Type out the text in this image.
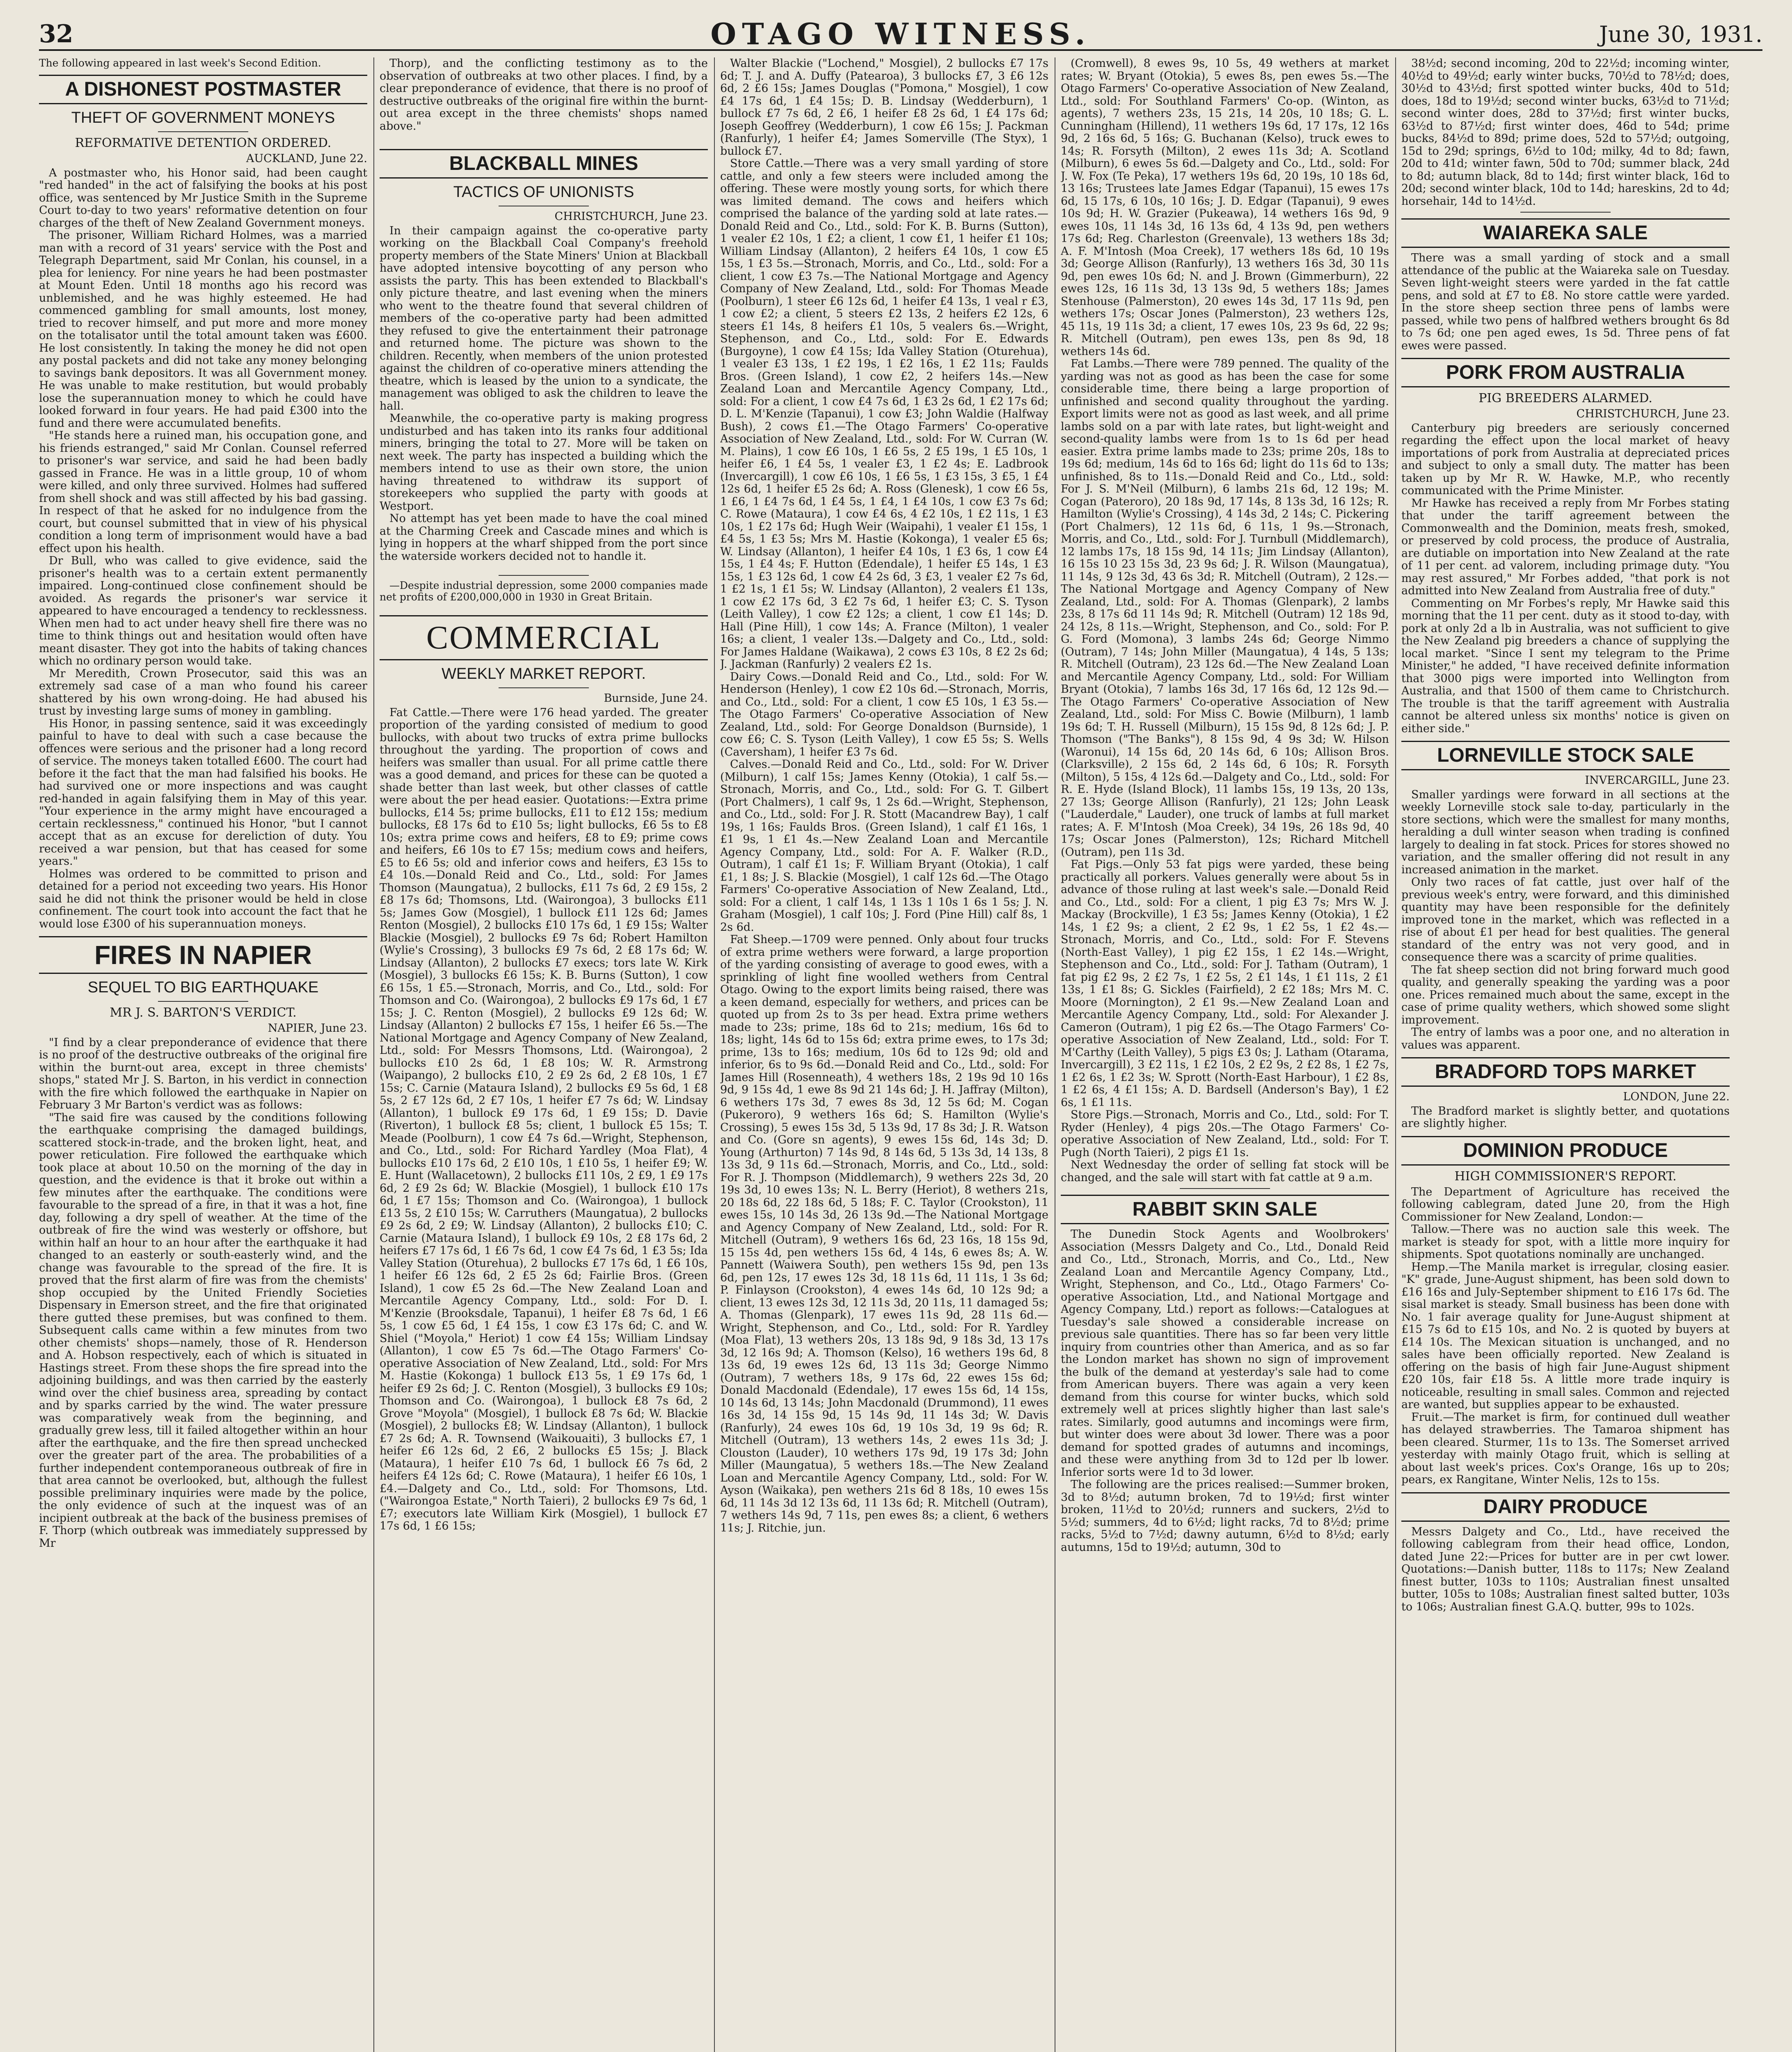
32	OTAGO WITNESS.	June 30, 1931.

The following appeared in last week's Second Edition.

A DISHONEST POSTMASTER
THEFT OF GOVERNMENT MONEYS
REFORMATIVE DETENTION ORDERED.
AUCKLAND, June 22.

A postmaster who, his Honor said, had been caught "red handed" in the act of falsifying the books at his post office, was sentenced by Mr Justice Smith in the Supreme Court to-day to two years' reformative detention on four charges of the theft of New Zealand Government moneys.

The prisoner, William Richard Holmes, was a married man with a record of 31 years' service with the Post and Telegraph Department, said Mr Conlan, his counsel, in a plea for leniency. For nine years he had been postmaster at Mount Eden. Until 18 months ago his record was unblemished, and he was highly esteemed. He had commenced gambling for small amounts, lost money, tried to recover himself, and put more and more money on the totalisator until the total amount taken was £600. He lost consistently. In taking the money he did not open any postal packets and did not take any money belonging to savings bank depositors. It was all Government money. He was unable to make restitution, but would probably lose the superannuation money to which he could have looked forward in four years. He had paid £300 into the fund and there were accumulated benefits.

"He stands here a ruined man, his occupation gone, and his friends estranged," said Mr Conlan. Counsel referred to prisoner's war service, and said he had been badly gassed in France. He was in a little group, 10 of whom were killed, and only three survived. Holmes had suffered from shell shock and was still affected by his bad gassing. In respect of that he asked for no indulgence from the court, but counsel submitted that in view of his physical condition a long term of imprisonment would have a bad effect upon his health.

Dr Bull, who was called to give evidence, said the prisoner's health was to a certain extent permanently impaired. Long-continued close confinement should be avoided. As regards the prisoner's war service it appeared to have encouraged a tendency to recklessness. When men had to act under heavy shell fire there was no time to think things out and hesitation would often have meant disaster. They got into the habits of taking chances which no ordinary person would take.

Mr Meredith, Crown Prosecutor, said this was an extremely sad case of a man who found his career shattered by his own wrong-doing. He had abused his trust by investing large sums of money in gambling.

His Honor, in passing sentence, said it was exceedingly painful to have to deal with such a case because the offences were serious and the prisoner had a long record of service. The moneys taken totalled £600. The court had before it the fact that the man had falsified his books. He had survived one or more inspections and was caught red-handed in again falsifying them in May of this year. "Your experience in the army might have encouraged a certain recklessness," continued his Honor, "but I cannot accept that as an excuse for dereliction of duty. You received a war pension, but that has ceased for some years."

Holmes was ordered to be committed to prison and detained for a period not exceeding two years. His Honor said he did not think the prisoner would be held in close confinement. The court took into account the fact that he would lose £300 of his superannuation moneys.

FIRES IN NAPIER
SEQUEL TO BIG EARTHQUAKE
MR J. S. BARTON'S VERDICT.
NAPIER, June 23.

"I find by a clear preponderance of evidence that there is no proof of the destructive outbreaks of the original fire within the burnt-out area, except in three chemists' shops," stated Mr J. S. Barton, in his verdict in connection with the fire which followed the earthquake in Napier on February 3 Mr Barton's verdict was as follows:

"The said fire was caused by the conditions following the earthquake comprising the damaged buildings, scattered stock-in-trade, and the broken light, heat, and power reticulation. Fire followed the earthquake which took place at about 10.50 on the morning of the day in question, and the evidence is that it broke out within a few minutes after the earthquake. The conditions were favourable to the spread of a fire, in that it was a hot, fine day, following a dry spell of weather. At the time of the outbreak of fire the wind was westerly or offshore, but within half an hour to an hour after the earthquake it had changed to an easterly or south-easterly wind, and the change was favourable to the spread of the fire. It is proved that the first alarm of fire was from the chemists' shop occupied by the United Friendly Societies Dispensary in Emerson street, and the fire that originated there gutted these premises, but was confined to them. Subsequent calls came within a few minutes from two other chemists' shops—namely, those of R. Henderson and A. Hobson respectively, each of which is situated in Hastings street. From these shops the fire spread into the adjoining buildings, and was then carried by the easterly wind over the chief business area, spreading by contact and by sparks carried by the wind. The water pressure was comparatively weak from the beginning, and gradually grew less, till it failed altogether within an hour after the earthquake, and the fire then spread unchecked over the greater part of the area. The probabilities of a further independent contemporaneous outbreak of fire in that area cannot be overlooked, but, although the fullest possible preliminary inquiries were made by the police, the only evidence of such at the inquest was of an incipient outbreak at the back of the business premises of F. Thorp (which outbreak was immediately suppressed by Mr

Thorp), and the conflicting testimony as to the observation of outbreaks at two other places. I find, by a clear preponderance of evidence, that there is no proof of destructive outbreaks of the original fire within the burnt-out area except in the three chemists' shops named above."

BLACKBALL MINES
TACTICS OF UNIONISTS
CHRISTCHURCH, June 23.

In their campaign against the co-operative party working on the Blackball Coal Company's freehold property members of the State Miners' Union at Blackball have adopted intensive boycotting of any person who assists the party. This has been extended to Blackball's only picture theatre, and last evening when the miners who went to the theatre found that several children of members of the co-operative party had been admitted they refused to give the entertainment their patronage and returned home. The picture was shown to the children. Recently, when members of the union protested against the children of co-operative miners attending the theatre, which is leased by the union to a syndicate, the management was obliged to ask the children to leave the hall.

Meanwhile, the co-operative party is making progress undisturbed and has taken into its ranks four additional miners, bringing the total to 27. More will be taken on next week. The party has inspected a building which the members intend to use as their own store, the union having threatened to withdraw its support of storekeepers who supplied the party with goods at Westport.

No attempt has yet been made to have the coal mined at the Charming Creek and Cascade mines and which is lying in hoppers at the wharf shipped from the port since the waterside workers decided not to handle it.

—Despite industrial depression, some 2000 companies made net profits of £200,000,000 in 1930 in Great Britain.

COMMERCIAL
WEEKLY MARKET REPORT.
Burnside, June 24.

Fat Cattle.—There were 176 head yarded. The greater proportion of the yarding consisted of medium to good bullocks, with about two trucks of extra prime bullocks throughout the yarding. The proportion of cows and heifers was smaller than usual. For all prime cattle there was a good demand, and prices for these can be quoted a shade better than last week, but other classes of cattle were about the per head easier. Quotations:—Extra prime bullocks, £14 5s; prime bullocks, £11 to £12 15s; medium bullocks, £8 17s 6d to £10 5s; light bullocks, £6 5s to £8 10s; extra prime cows and heifers, £8 to £9; prime cows and heifers, £6 10s to £7 15s; medium cows and heifers, £5 to £6 5s; old and inferior cows and heifers, £3 15s to £4 10s.—Donald Reid and Co., Ltd., sold: For James Thomson (Maungatua), 2 bullocks, £11 7s 6d, 2 £9 15s, 2 £8 17s 6d; Thomsons, Ltd. (Wairongoa), 3 bullocks £11 5s; James Gow (Mosgiel), 1 bullock £11 12s 6d; James Renton (Mosgiel), 2 bullocks £10 17s 6d, 1 £9 15s; Walter Blackie (Mosgiel), 2 bullocks £9 7s 6d; Robert Hamilton (Wylie's Crossing), 3 bullocks £9 7s 6d, 2 £8 17s 6d; W. Lindsay (Allanton), 2 bullocks £7 execs; tors late W. Kirk (Mosgiel), 3 bullocks £6 15s; K. B. Burns (Sutton), 1 cow £6 15s, 1 £5.—Stronach, Morris, and Co., Ltd., sold: For Thomson and Co. (Wairongoa), 2 bullocks £9 17s 6d, 1 £7 15s; J. C. Renton (Mosgiel), 2 bullocks £9 12s 6d; W. Lindsay (Allanton) 2 bullocks £7 15s, 1 heifer £6 5s.—The National Mortgage and Agency Company of New Zealand, Ltd., sold: For Messrs Thomsons, Ltd. (Wairongoa), 2 bullocks £10 2s 6d, 1 £8 10s; W. R. Armstrong (Waipango), 2 bullocks £10, 2 £9 2s 6d, 2 £8 10s, 1 £7 15s; C. Carnie (Mataura Island), 2 bullocks £9 5s 6d, 1 £8 5s, 2 £7 12s 6d, 2 £7 10s, 1 heifer £7 7s 6d; W. Lindsay (Allanton), 1 bullock £9 17s 6d, 1 £9 15s; D. Davie (Riverton), 1 bullock £8 5s; client, 1 bullock £5 15s; T. Meade (Poolburn), 1 cow £4 7s 6d.—Wright, Stephenson, and Co., Ltd., sold: For Richard Yardley (Moa Flat), 4 bullocks £10 17s 6d, 2 £10 10s, 1 £10 5s, 1 heifer £9; W. E. Hunt (Wallacetown), 2 bullocks £11 10s, 2 £9, 1 £9 17s 6d, 2 £9 2s 6d; W. Blackie (Mosgiel), 1 bullock £10 17s 6d, 1 £7 15s; Thomson and Co. (Wairongoa), 1 bullock £13 5s, 2 £10 15s; W. Carruthers (Maungatua), 2 bullocks £9 2s 6d, 2 £9; W. Lindsay (Allanton), 2 bullocks £10; C. Carnie (Mataura Island), 1 bullock £9 10s, 2 £8 17s 6d, 2 heifers £7 17s 6d, 1 £6 7s 6d, 1 cow £4 7s 6d, 1 £3 5s; Ida Valley Station (Oturehua), 2 bullocks £7 17s 6d, 1 £6 10s, 1 heifer £6 12s 6d, 2 £5 2s 6d; Fairlie Bros. (Green Island), 1 cow £5 2s 6d.—The New Zealand Loan and Mercantile Agency Company, Ltd., sold: For D. I. M'Kenzie (Brooksdale, Tapanui), 1 heifer £8 7s 6d, 1 £6 5s, 1 cow £5 6d, 1 £4 15s, 1 cow £3 17s 6d; C. and W. Shiel ("Moyola," Heriot) 1 cow £4 15s; William Lindsay (Allanton), 1 cow £5 7s 6d.—The Otago Farmers' Co-operative Association of New Zealand, Ltd., sold: For Mrs M. Hastie (Kokonga) 1 bullock £13 5s, 1 £9 17s 6d, 1 heifer £9 2s 6d; J. C. Renton (Mosgiel), 3 bullocks £9 10s; Thomson and Co. (Wairongoa), 1 bullock £8 7s 6d, 2 Grove "Moyola" (Mosgiel), 1 bullock £8 7s 6d; W. Blackie (Mosgiel), 2 bullocks £8; W. Lindsay (Allanton), 1 bullock £7 2s 6d; A. R. Townsend (Waikouaiti), 3 bullocks £7, 1 heifer £6 12s 6d, 2 £6, 2 bullocks £5 15s; J. Black (Mataura), 1 heifer £10 7s 6d, 1 bullock £6 7s 6d, 2 heifers £4 12s 6d; C. Rowe (Mataura), 1 heifer £6 10s, 1 £4.—Dalgety and Co., Ltd., sold: For Thomsons, Ltd. ("Wairongoa Estate," North Taieri), 2 bullocks £9 7s 6d, 1 £7; executors late William Kirk (Mosgiel), 1 bullock £7 17s 6d, 1 £6 15s;

Walter Blackie ("Lochend," Mosgiel), 2 bullocks £7 17s 6d; T. J. and A. Duffy (Patearoa), 3 bullocks £7, 3 £6 12s 6d, 2 £6 15s; James Douglas ("Pomona," Mosgiel), 1 cow £4 17s 6d, 1 £4 15s; D. B. Lindsay (Wedderburn), 1 bullock £7 7s 6d, 2 £6, 1 heifer £8 2s 6d, 1 £4 17s 6d; Joseph Geoffrey (Wedderburn), 1 cow £6 15s; J. Packman (Ranfurly), 1 heifer £4; James Somerville (The Styx), 1 bullock £7.

Store Cattle.—There was a very small yarding of store cattle, and only a few steers were included among the offering. These were mostly young sorts, for which there was limited demand. The cows and heifers which comprised the balance of the yarding sold at late rates.—Donald Reid and Co., Ltd., sold: For K. B. Burns (Sutton), 1 vealer £2 10s, 1 £2; a client, 1 cow £1, 1 heifer £1 10s; William Lindsay (Allanton), 2 heifers £4 10s, 1 cow £5 15s, 1 £3 5s.—Stronach, Morris, and Co., Ltd., sold: For a client, 1 cow £3 7s.—The National Mortgage and Agency Company of New Zealand, Ltd., sold: For Thomas Meade (Poolburn), 1 steer £6 12s 6d, 1 heifer £4 13s, 1 veal r £3, 1 cow £2; a client, 5 steers £2 13s, 2 heifers £2 12s, 6 steers £1 14s, 8 heifers £1 10s, 5 vealers 6s.—Wright, Stephenson, and Co., Ltd., sold: For E. Edwards (Burgoyne), 1 cow £4 15s; Ida Valley Station (Oturehua), 1 vealer £3 13s, 1 £2 19s, 1 £2 16s, 1 £2 11s; Faulds Bros. (Green Island), 1 cow £2, 2 heifers 14s.—New Zealand Loan and Mercantile Agency Company, Ltd., sold: For a client, 1 cow £4 7s 6d, 1 £3 2s 6d, 1 £2 17s 6d; D. L. M'Kenzie (Tapanui), 1 cow £3; John Waldie (Halfway Bush), 2 cows £1.—The Otago Farmers' Co-operative Association of New Zealand, Ltd., sold: For W. Curran (W. M. Plains), 1 cow £6 10s, 1 £6 5s, 2 £5 19s, 1 £5 10s, 1 heifer £6, 1 £4 5s, 1 vealer £3, 1 £2 4s; E. Ladbrook (Invercargill), 1 cow £6 10s, 1 £6 5s, 1 £3 15s, 3 £5, 1 £4 12s 6d, 1 heifer £5 2s 6d; A. Ross (Glenesk), 1 cow £6 5s, 1 £6, 1 £4 7s 6d, 1 £4 5s, 1 £4, 1 £4 10s, 1 cow £3 7s 6d; C. Rowe (Mataura), 1 cow £4 6s, 4 £2 10s, 1 £2 11s, 1 £3 10s, 1 £2 17s 6d; Hugh Weir (Waipahi), 1 vealer £1 15s, 1 £4 5s, 1 £3 5s; Mrs M. Hastie (Kokonga), 1 vealer £5 6s; W. Lindsay (Allanton), 1 heifer £4 10s, 1 £3 6s, 1 cow £4 15s, 1 £4 4s; F. Hutton (Edendale), 1 heifer £5 14s, 1 £3 15s, 1 £3 12s 6d, 1 cow £4 2s 6d, 3 £3, 1 vealer £2 7s 6d, 1 £2 1s, 1 £1 5s; W. Lindsay (Allanton), 2 vealers £1 13s, 1 cow £2 17s 6d, 3 £2 7s 6d, 1 heifer £3; C. S. Tyson (Leith Valley), 1 cow £2 12s; a client, 1 cow £1 14s; D. Hall (Pine Hill), 1 cow 14s; A. France (Milton), 1 vealer 16s; a client, 1 vealer 13s.—Dalgety and Co., Ltd., sold: For James Haldane (Waikawa), 2 cows £3 10s, 8 £2 2s 6d; J. Jackman (Ranfurly) 2 vealers £2 1s.

Dairy Cows.—Donald Reid and Co., Ltd., sold: For W. Henderson (Henley), 1 cow £2 10s 6d.—Stronach, Morris, and Co., Ltd., sold: For a client, 1 cow £5 10s, 1 £3 5s.—The Otago Farmers' Co-operative Association of New Zealand, Ltd., sold: For George Donaldson (Burnside), 1 cow £6; C. S. Tyson (Leith Valley), 1 cow £5 5s; S. Wells (Caversham), 1 heifer £3 7s 6d.

Calves.—Donald Reid and Co., Ltd., sold: For W. Driver (Milburn), 1 calf 15s; James Kenny (Otokia), 1 calf 5s.—Stronach, Morris, and Co., Ltd., sold: For G. T. Gilbert (Port Chalmers), 1 calf 9s, 1 2s 6d.—Wright, Stephenson, and Co., Ltd., sold: For J. R. Stott (Macandrew Bay), 1 calf 19s, 1 16s; Faulds Bros. (Green Island), 1 calf £1 16s, 1 £1 9s, 1 £1 4s.—New Zealand Loan and Mercantile Agency Company, Ltd., sold: For A. F. Walker (R.D., Outram), 1 calf £1 1s; F. William Bryant (Otokia), 1 calf £1, 1 8s; J. S. Blackie (Mosgiel), 1 calf 12s 6d.—The Otago Farmers' Co-operative Association of New Zealand, Ltd., sold: For a client, 1 calf 14s, 1 13s 1 10s 1 6s 1 5s; J. N. Graham (Mosgiel), 1 calf 10s; J. Ford (Pine Hill) calf 8s, 1 2s 6d.

Fat Sheep.—1709 were penned. Only about four trucks of extra prime wethers were forward, a large proportion of the yarding consisting of average to good ewes, with a sprinkling of light fine woolled wethers from Central Otago. Owing to the export limits being raised, there was a keen demand, especially for wethers, and prices can be quoted up from 2s to 3s per head. Extra prime wethers made to 23s; prime, 18s 6d to 21s; medium, 16s 6d to 18s; light, 14s 6d to 15s 6d; extra prime ewes, to 17s 3d; prime, 13s to 16s; medium, 10s 6d to 12s 9d; old and inferior, 6s to 9s 6d.—Donald Reid and Co., Ltd., sold: For James Hill (Rosenneath), 4 wethers 18s, 2 19s 9d 10 16s 9d, 9 15s 4d, 1 ewe 8s 9d 21 14s 6d; J. H. Jaffray (Milton), 6 wethers 17s 3d, 7 ewes 8s 3d, 12 5s 6d; M. Cogan (Pukeroro), 9 wethers 16s 6d; S. Hamilton (Wylie's Crossing), 5 ewes 15s 3d, 5 13s 9d, 17 8s 3d; J. R. Watson and Co. (Gore sn agents), 9 ewes 15s 6d, 14s 3d; D. Young (Arthurton) 7 14s 9d, 8 14s 6d, 5 13s 3d, 14 13s, 8 13s 3d, 9 11s 6d.—Stronach, Morris, and Co., Ltd., sold: For R. J. Thompson (Middlemarch), 9 wethers 22s 3d, 20 19s 3d, 10 ewes 13s; N. L. Berry (Heriot), 8 wethers 21s, 20 18s 6d, 22 18s 6d, 5 18s; F. C. Taylor (Crookston), 11 ewes 15s, 10 14s 3d, 26 13s 9d.—The National Mortgage and Agency Company of New Zealand, Ltd., sold: For R. Mitchell (Outram), 9 wethers 16s 6d, 23 16s, 18 15s 9d, 15 15s 4d, pen wethers 15s 6d, 4 14s, 6 ewes 8s; A. W. Pannett (Waiwera South), pen wethers 15s 9d, pen 13s 6d, pen 12s, 17 ewes 12s 3d, 18 11s 6d, 11 11s, 1 3s 6d; P. Finlayson (Crookston), 4 ewes 14s 6d, 10 12s 9d; a client, 13 ewes 12s 3d, 12 11s 3d, 20 11s, 11 damaged 5s; A. Thomas (Glenpark), 17 ewes 11s 9d, 28 11s 6d.—Wright, Stephenson, and Co., Ltd., sold: For R. Yardley (Moa Flat), 13 wethers 20s, 13 18s 9d, 9 18s 3d, 13 17s 3d, 12 16s 9d; A. Thomson (Kelso), 16 wethers 19s 6d, 8 13s 6d, 19 ewes 12s 6d, 13 11s 3d; George Nimmo (Outram), 7 wethers 18s, 9 17s 6d, 22 ewes 15s 6d; Donald Macdonald (Edendale), 17 ewes 15s 6d, 14 15s, 10 14s 6d, 13 14s; John Macdonald (Drummond), 11 ewes 16s 3d, 14 15s 9d, 15 14s 9d, 11 14s 3d; W. Davis (Ranfurly), 24 ewes 10s 6d, 19 10s 3d, 19 9s 6d; R. Mitchell (Outram), 13 wethers 14s, 2 ewes 11s 3d; J. Clouston (Lauder), 10 wethers 17s 9d, 19 17s 3d; John Miller (Maungatua), 5 wethers 18s.—The New Zealand Loan and Mercantile Agency Company, Ltd., sold: For W. Ayson (Waikaka), pen wethers 21s 6d 8 18s, 10 ewes 15s 6d, 11 14s 3d 12 13s 6d, 11 13s 6d; R. Mitchell (Outram), 7 wethers 14s 9d, 7 11s, pen ewes 8s; a client, 6 wethers 11s; J. Ritchie, jun.

(Cromwell), 8 ewes 9s, 10 5s, 49 wethers at market rates; W. Bryant (Otokia), 5 ewes 8s, pen ewes 5s.—The Otago Farmers' Co-operative Association of New Zealand, Ltd., sold: For Southland Farmers' Co-op. (Winton, as agents), 7 wethers 23s, 15 21s, 14 20s, 10 18s; G. L. Cunningham (Hillend), 11 wethers 19s 6d, 17 17s, 12 16s 9d, 2 16s 6d, 5 16s; G. Buchanan (Kelso), truck ewes to 14s; R. Forsyth (Milton), 2 ewes 11s 3d; A. Scotland (Milburn), 6 ewes 5s 6d.—Dalgety and Co., Ltd., sold: For J. W. Fox (Te Peka), 17 wethers 19s 6d, 20 19s, 10 18s 6d, 13 16s; Trustees late James Edgar (Tapanui), 15 ewes 17s 6d, 15 17s, 6 10s, 10 16s; J. D. Edgar (Tapanui), 9 ewes 10s 9d; H. W. Grazier (Pukeawa), 14 wethers 16s 9d, 9 ewes 10s, 11 14s 3d, 16 13s 6d, 4 13s 9d, pen wethers 17s 6d; Reg. Charleston (Greenvale), 13 wethers 18s 3d; A. F. M'Intosh (Moa Creek), 17 wethers 18s 6d, 10 19s 3d; George Allison (Ranfurly), 13 wethers 16s 3d, 30 11s 9d, pen ewes 10s 6d; N. and J. Brown (Gimmerburn), 22 ewes 12s, 16 11s 3d, 13 13s 9d, 5 wethers 18s; James Stenhouse (Palmerston), 20 ewes 14s 3d, 17 11s 9d, pen wethers 17s; Oscar Jones (Palmerston), 23 wethers 12s, 45 11s, 19 11s 3d; a client, 17 ewes 10s, 23 9s 6d, 22 9s; R. Mitchell (Outram), pen ewes 13s, pen 8s 9d, 18 wethers 14s 6d.

Fat Lambs.—There were 789 penned. The quality of the yarding was not as good as has been the case for some considerable time, there being a large proportion of unfinished and second quality throughout the yarding. Export limits were not as good as last week, and all prime lambs sold on a par with late rates, but light-weight and second-quality lambs were from 1s to 1s 6d per head easier. Extra prime lambs made to 23s; prime 20s, 18s to 19s 6d; medium, 14s 6d to 16s 6d; light do 11s 6d to 13s; unfinished, 8s to 11s.—Donald Reid and Co., Ltd., sold: For J. S. M'Neil (Milburn), 6 lambs 21s 6d, 12 19s; M. Cogan (Pateroro), 20 18s 9d, 17 14s, 8 13s 3d, 16 12s; R. Hamilton (Wylie's Crossing), 4 14s 3d, 2 14s; C. Pickering (Port Chalmers), 12 11s 6d, 6 11s, 1 9s.—Stronach, Morris, and Co., Ltd., sold: For J. Turnbull (Middlemarch), 12 lambs 17s, 18 15s 9d, 14 11s; Jim Lindsay (Allanton), 16 15s 10 23 15s 3d, 23 9s 6d; J. R. Wilson (Maungatua), 11 14s, 9 12s 3d, 43 6s 3d; R. Mitchell (Outram), 2 12s.—The National Mortgage and Agency Company of New Zealand, Ltd., sold: For A. Thomas (Glenpark), 2 lambs 23s, 8 17s 6d 11 14s 9d; R. Mitchell (Outram) 12 18s 9d, 24 12s, 8 11s.—Wright, Stephenson, and Co., sold: For P. G. Ford (Momona), 3 lambs 24s 6d; George Nimmo (Outram), 7 14s; John Miller (Maungatua), 4 14s, 5 13s; R. Mitchell (Outram), 23 12s 6d.—The New Zealand Loan and Mercantile Agency Company, Ltd., sold: For William Bryant (Otokia), 7 lambs 16s 3d, 17 16s 6d, 12 12s 9d.—The Otago Farmers' Co-operative Association of New Zealand, Ltd., sold: For Miss C. Bowie (Milburn), 1 lamb 19s 6d; T. H. Russell (Milburn), 15 15s 9d, 8 12s 6d; J. P. Thomson ("The Banks"), 8 15s 9d, 4 9s 3d; W. Hilson (Waronui), 14 15s 6d, 20 14s 6d, 6 10s; Allison Bros. (Clarksville), 2 15s 6d, 2 14s 6d, 6 10s; R. Forsyth (Milton), 5 15s, 4 12s 6d.—Dalgety and Co., Ltd., sold: For R. E. Hyde (Island Block), 11 lambs 15s, 19 13s, 20 13s, 27 13s; George Allison (Ranfurly), 21 12s; John Leask ("Lauderdale," Lauder), one truck of lambs at full market rates; A. F. M'Intosh (Moa Creek), 34 19s, 26 18s 9d, 40 17s; Oscar Jones (Palmerston), 12s; Richard Mitchell (Outram), pen 11s 3d.

Fat Pigs.—Only 53 fat pigs were yarded, these being practically all porkers. Values generally were about 5s in advance of those ruling at last week's sale.—Donald Reid and Co., Ltd., sold: For a client, 1 pig £3 7s; Mrs W. J. Mackay (Brockville), 1 £3 5s; James Kenny (Otokia), 1 £2 14s, 1 £2 9s; a client, 2 £2 9s, 1 £2 5s, 1 £2 4s.—Stronach, Morris, and Co., Ltd., sold: For F. Stevens (North-East Valley), 1 pig £2 15s, 1 £2 14s.—Wright, Stephenson and Co., Ltd., sold: For J. Tatham (Outram), 1 fat pig £2 9s, 2 £2 7s, 1 £2 5s, 2 £1 14s, 1 £1 11s, 2 £1 13s, 1 £1 8s; G. Sickles (Fairfield), 2 £2 18s; Mrs M. C. Moore (Mornington), 2 £1 9s.—New Zealand Loan and Mercantile Agency Company, Ltd., sold: For Alexander J. Cameron (Outram), 1 pig £2 6s.—The Otago Farmers' Co-operative Association of New Zealand, Ltd., sold: For T. M'Carthy (Leith Valley), 5 pigs £3 0s; J. Latham (Otarama, Invercargill), 3 £2 11s, 1 £2 10s, 2 £2 9s, 2 £2 8s, 1 £2 7s, 1 £2 6s, 1 £2 3s; W. Sprott (North-East Harbour), 1 £2 8s, 1 £2 6s, 4 £1 15s; A. D. Bardsell (Anderson's Bay), 1 £2 6s, 1 £1 11s.

Store Pigs.—Stronach, Morris and Co., Ltd., sold: For T. Ryder (Henley), 4 pigs 20s.—The Otago Farmers' Co-operative Association of New Zealand, Ltd., sold: For T. Pugh (North Taieri), 2 pigs £1 1s.

Next Wednesday the order of selling fat stock will be changed, and the sale will start with fat cattle at 9 a.m.

RABBIT SKIN SALE

The Dunedin Stock Agents and Woolbrokers' Association (Messrs Dalgety and Co., Ltd., Donald Reid and Co., Ltd., Stronach, Morris, and Co., Ltd., New Zealand Loan and Mercantile Agency Company, Ltd., Wright, Stephenson, and Co., Ltd., Otago Farmers' Co-operative Association, Ltd., and National Mortgage and Agency Company, Ltd.) report as follows:—Catalogues at Tuesday's sale showed a considerable increase on previous sale quantities. There has so far been very little inquiry from countries other than America, and as so far the London market has shown no sign of improvement the bulk of the demand at yesterday's sale had to come from American buyers. There was again a very keen demand from this course for winter bucks, which sold extremely well at prices slightly higher than last sale's rates. Similarly, good autumns and incomings were firm, but winter does were about 3d lower. There was a poor demand for spotted grades of autumns and incomings, and these were anything from 3d to 12d per lb lower. Inferior sorts were 1d to 3d lower.

The following are the prices realised:—Summer broken, 3d to 8½d; autumn broken, 7d to 19½d; first winter broken, 11½d to 20½d; runners and suckers, 2½d to 5½d; summers, 4d to 6½d; light racks, 7d to 8½d; prime racks, 5½d to 7½d; dawny autumn, 6½d to 8½d; early autumns, 15d to 19½d; autumn, 30d to

38½d; second incoming, 20d to 22½d; incoming winter, 40½d to 49½d; early winter bucks, 70½d to 78½d; does, 30½d to 43½d; first spotted winter bucks, 40d to 51d; does, 18d to 19½d; second winter bucks, 63½d to 71½d; second winter does, 28d to 37½d; first winter bucks, 63½d to 87½d; first winter does, 46d to 54d; prime bucks, 84½d to 89d; prime does, 52d to 57½d; outgoing, 15d to 29d; springs, 6½d to 10d; milky, 4d to 8d; fawn, 20d to 41d; winter fawn, 50d to 70d; summer black, 24d to 8d; autumn black, 8d to 14d; first winter black, 16d to 20d; second winter black, 10d to 14d; hareskins, 2d to 4d; horsehair, 14d to 14½d.

WAIAREKA SALE

There was a small yarding of stock and a small attendance of the public at the Waiareka sale on Tuesday. Seven light-weight steers were yarded in the fat cattle pens, and sold at £7 to £8. No store cattle were yarded. In the store sheep section three pens of lambs were passed, while two pens of halfbred wethers brought 6s 8d to 7s 6d; one pen aged ewes, 1s 5d. Three pens of fat ewes were passed.

PORK FROM AUSTRALIA
PIG BREEDERS ALARMED.
CHRISTCHURCH, June 23.

Canterbury pig breeders are seriously concerned regarding the effect upon the local market of heavy importations of pork from Australia at depreciated prices and subject to only a small duty. The matter has been taken up by Mr R. W. Hawke, M.P., who recently communicated with the Prime Minister.

Mr Hawke has received a reply from Mr Forbes stating that under the tariff agreement between the Commonwealth and the Dominion, meats fresh, smoked, or preserved by cold process, the produce of Australia, are dutiable on importation into New Zealand at the rate of 11 per cent. ad valorem, including primage duty. "You may rest assured," Mr Forbes added, "that pork is not admitted into New Zealand from Australia free of duty."

Commenting on Mr Forbes's reply, Mr Hawke said this morning that the 11 per cent. duty as it stood to-day, with pork at only 2d a lb in Australia, was not sufficient to give the New Zealand pig breeders a chance of supplying the local market. "Since I sent my telegram to the Prime Minister," he added, "I have received definite information that 3000 pigs were imported into Wellington from Australia, and that 1500 of them came to Christchurch. The trouble is that the tariff agreement with Australia cannot be altered unless six months' notice is given on either side."

LORNEVILLE STOCK SALE
INVERCARGILL, June 23.

Smaller yardings were forward in all sections at the weekly Lorneville stock sale to-day, particularly in the store sections, which were the smallest for many months, heralding a dull winter season when trading is confined largely to dealing in fat stock. Prices for stores showed no variation, and the smaller offering did not result in any increased animation in the market.

Only two races of fat cattle, just over half of the previous week's entry, were forward, and this diminished quantity may have been responsible for the definitely improved tone in the market, which was reflected in a rise of about £1 per head for best qualities. The general standard of the entry was not very good, and in consequence there was a scarcity of prime qualities.

The fat sheep section did not bring forward much good quality, and generally speaking the yarding was a poor one. Prices remained much about the same, except in the case of prime quality wethers, which showed some slight improvement.

The entry of lambs was a poor one, and no alteration in values was apparent.

BRADFORD TOPS MARKET
LONDON, June 22.

The Bradford market is slightly better, and quotations are slightly higher.

DOMINION PRODUCE
HIGH COMMISSIONER'S REPORT.

The Department of Agriculture has received the following cablegram, dated June 20, from the High Commissioner for New Zealand, London:—

Tallow.—There was no auction sale this week. The market is steady for spot, with a little more inquiry for shipments. Spot quotations nominally are unchanged.

Hemp.—The Manila market is irregular, closing easier. "K" grade, June-August shipment, has been sold down to £16 16s and July-September shipment to £16 17s 6d. The sisal market is steady. Small business has been done with No. 1 fair average quality for June-August shipment at £15 7s 6d to £15 10s, and No. 2 is quoted by buyers at £14 10s. The Mexican situation is unchanged, and no sales have been officially reported. New Zealand is offering on the basis of high fair June-August shipment £20 10s, fair £18 5s. A little more trade inquiry is noticeable, resulting in small sales. Common and rejected are wanted, but supplies appear to be exhausted.

Fruit.—The market is firm, for continued dull weather has delayed strawberries. The Tamaroa shipment has been cleared. Sturmer, 11s to 13s. The Somerset arrived yesterday with mainly Otago fruit, which is selling at about last week's prices. Cox's Orange, 16s up to 20s; pears, ex Rangitane, Winter Nelis, 12s to 15s.

DAIRY PRODUCE

Messrs Dalgety and Co., Ltd., have received the following cablegram from their head office, London, dated June 22:—Prices for butter are in per cwt lower. Quotations:—Danish butter, 118s to 117s; New Zealand finest butter, 103s to 110s; Australian finest unsalted butter, 105s to 108s; Australian finest salted butter, 103s to 106s; Australian finest G.A.Q. butter, 99s to 102s.
